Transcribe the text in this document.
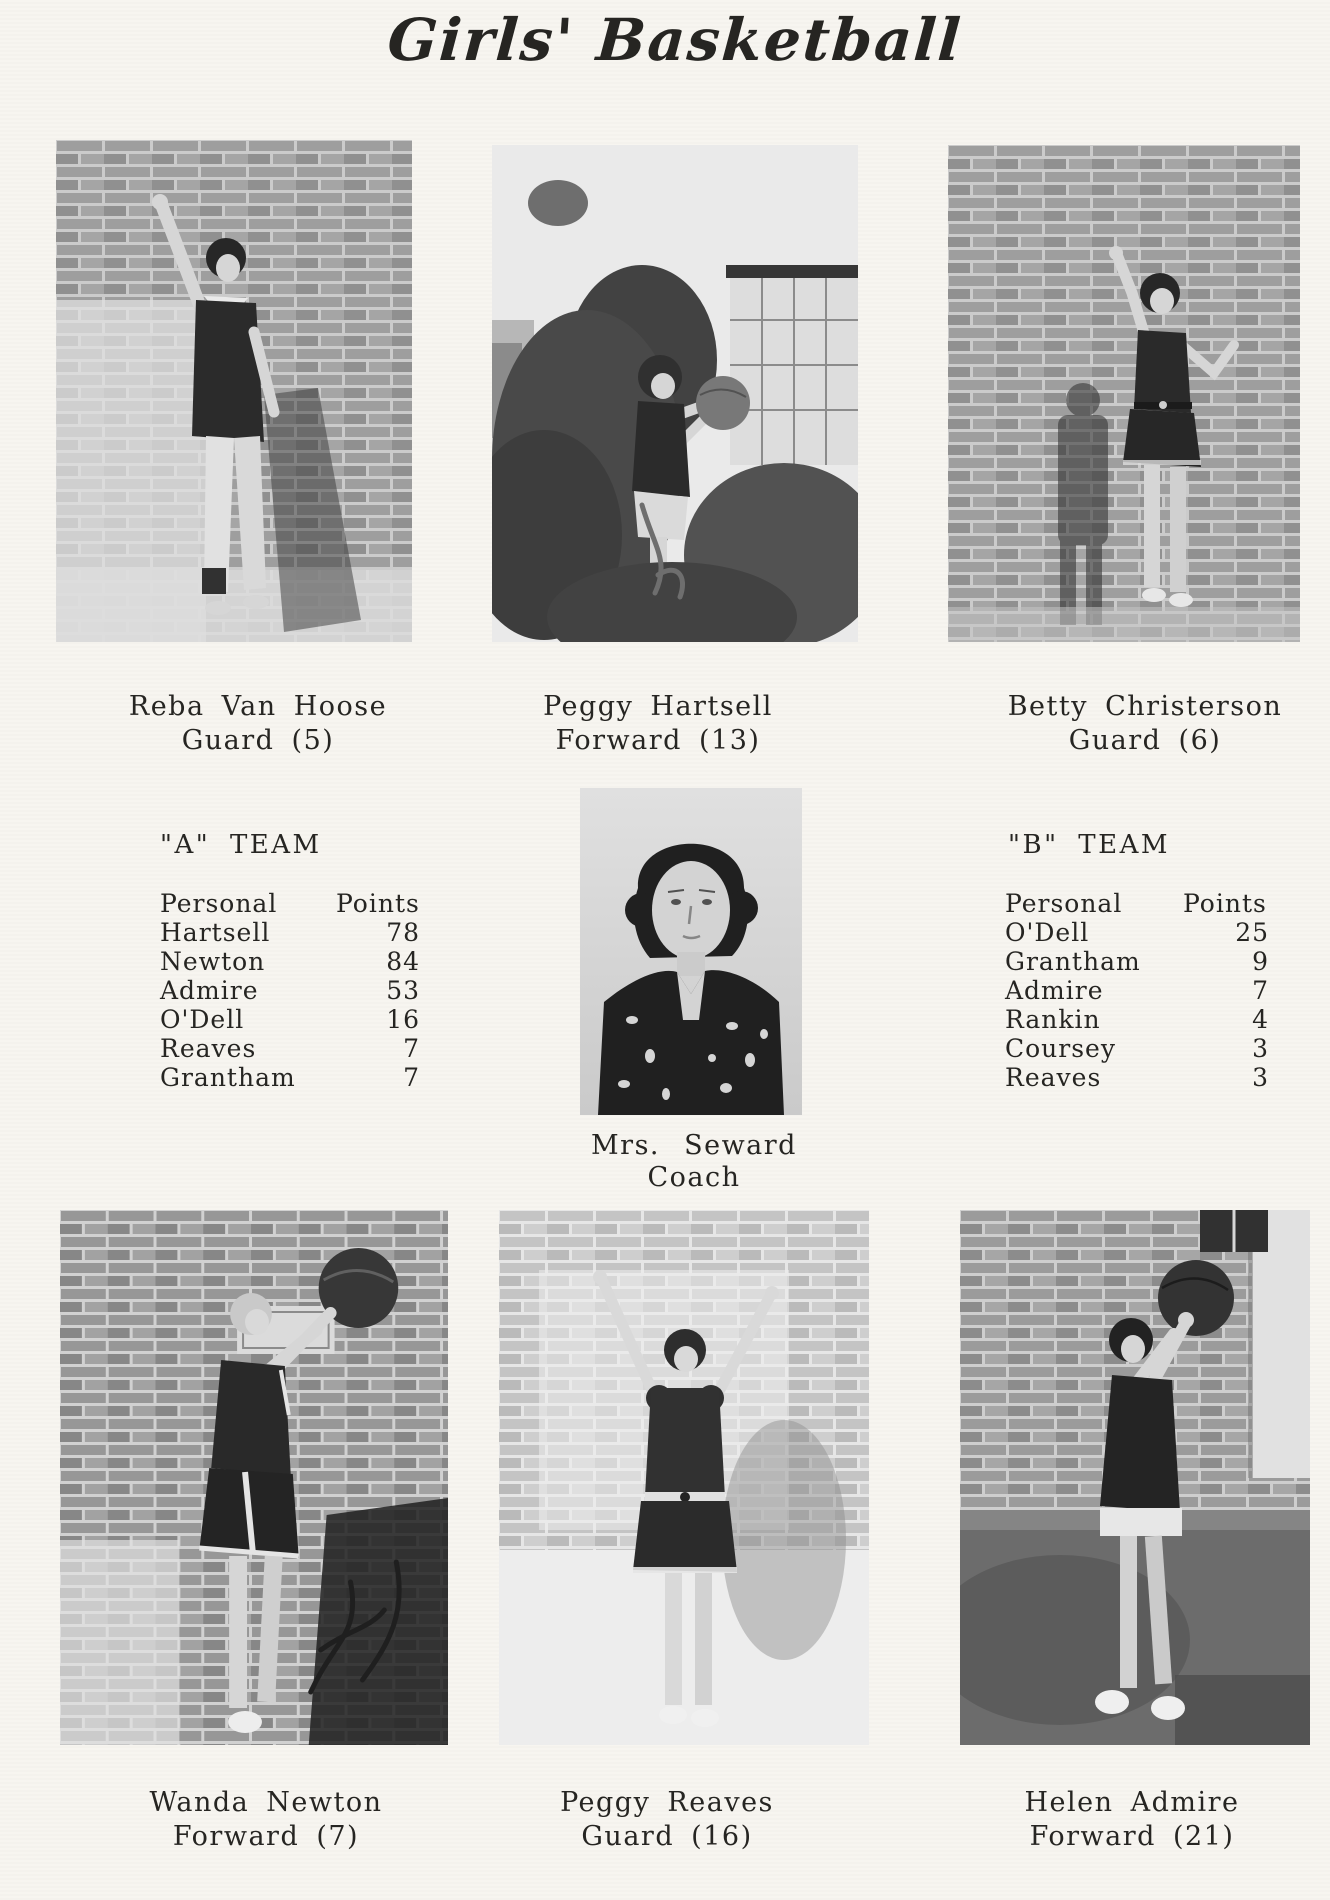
Girls' Basketball
Reba Van Hoose
Guard (5)
Peggy Hartsell
Forward (13)
Betty Christerson
Guard (6)
"A" TEAM
Personal	Points
Hartsell	78
Newton	84
Admire	53
O'Dell	16
Reaves	7
Grantham	7
Mrs. Seward
Coach
"B" TEAM
Personal	Points
O'Dell	25
Grantham	9
Admire	7
Rankin	4
Coursey	3
Reaves	3
Wanda Newton
Forward (7)
Peggy Reaves
Guard (16)
Helen Admire
Forward (21)
